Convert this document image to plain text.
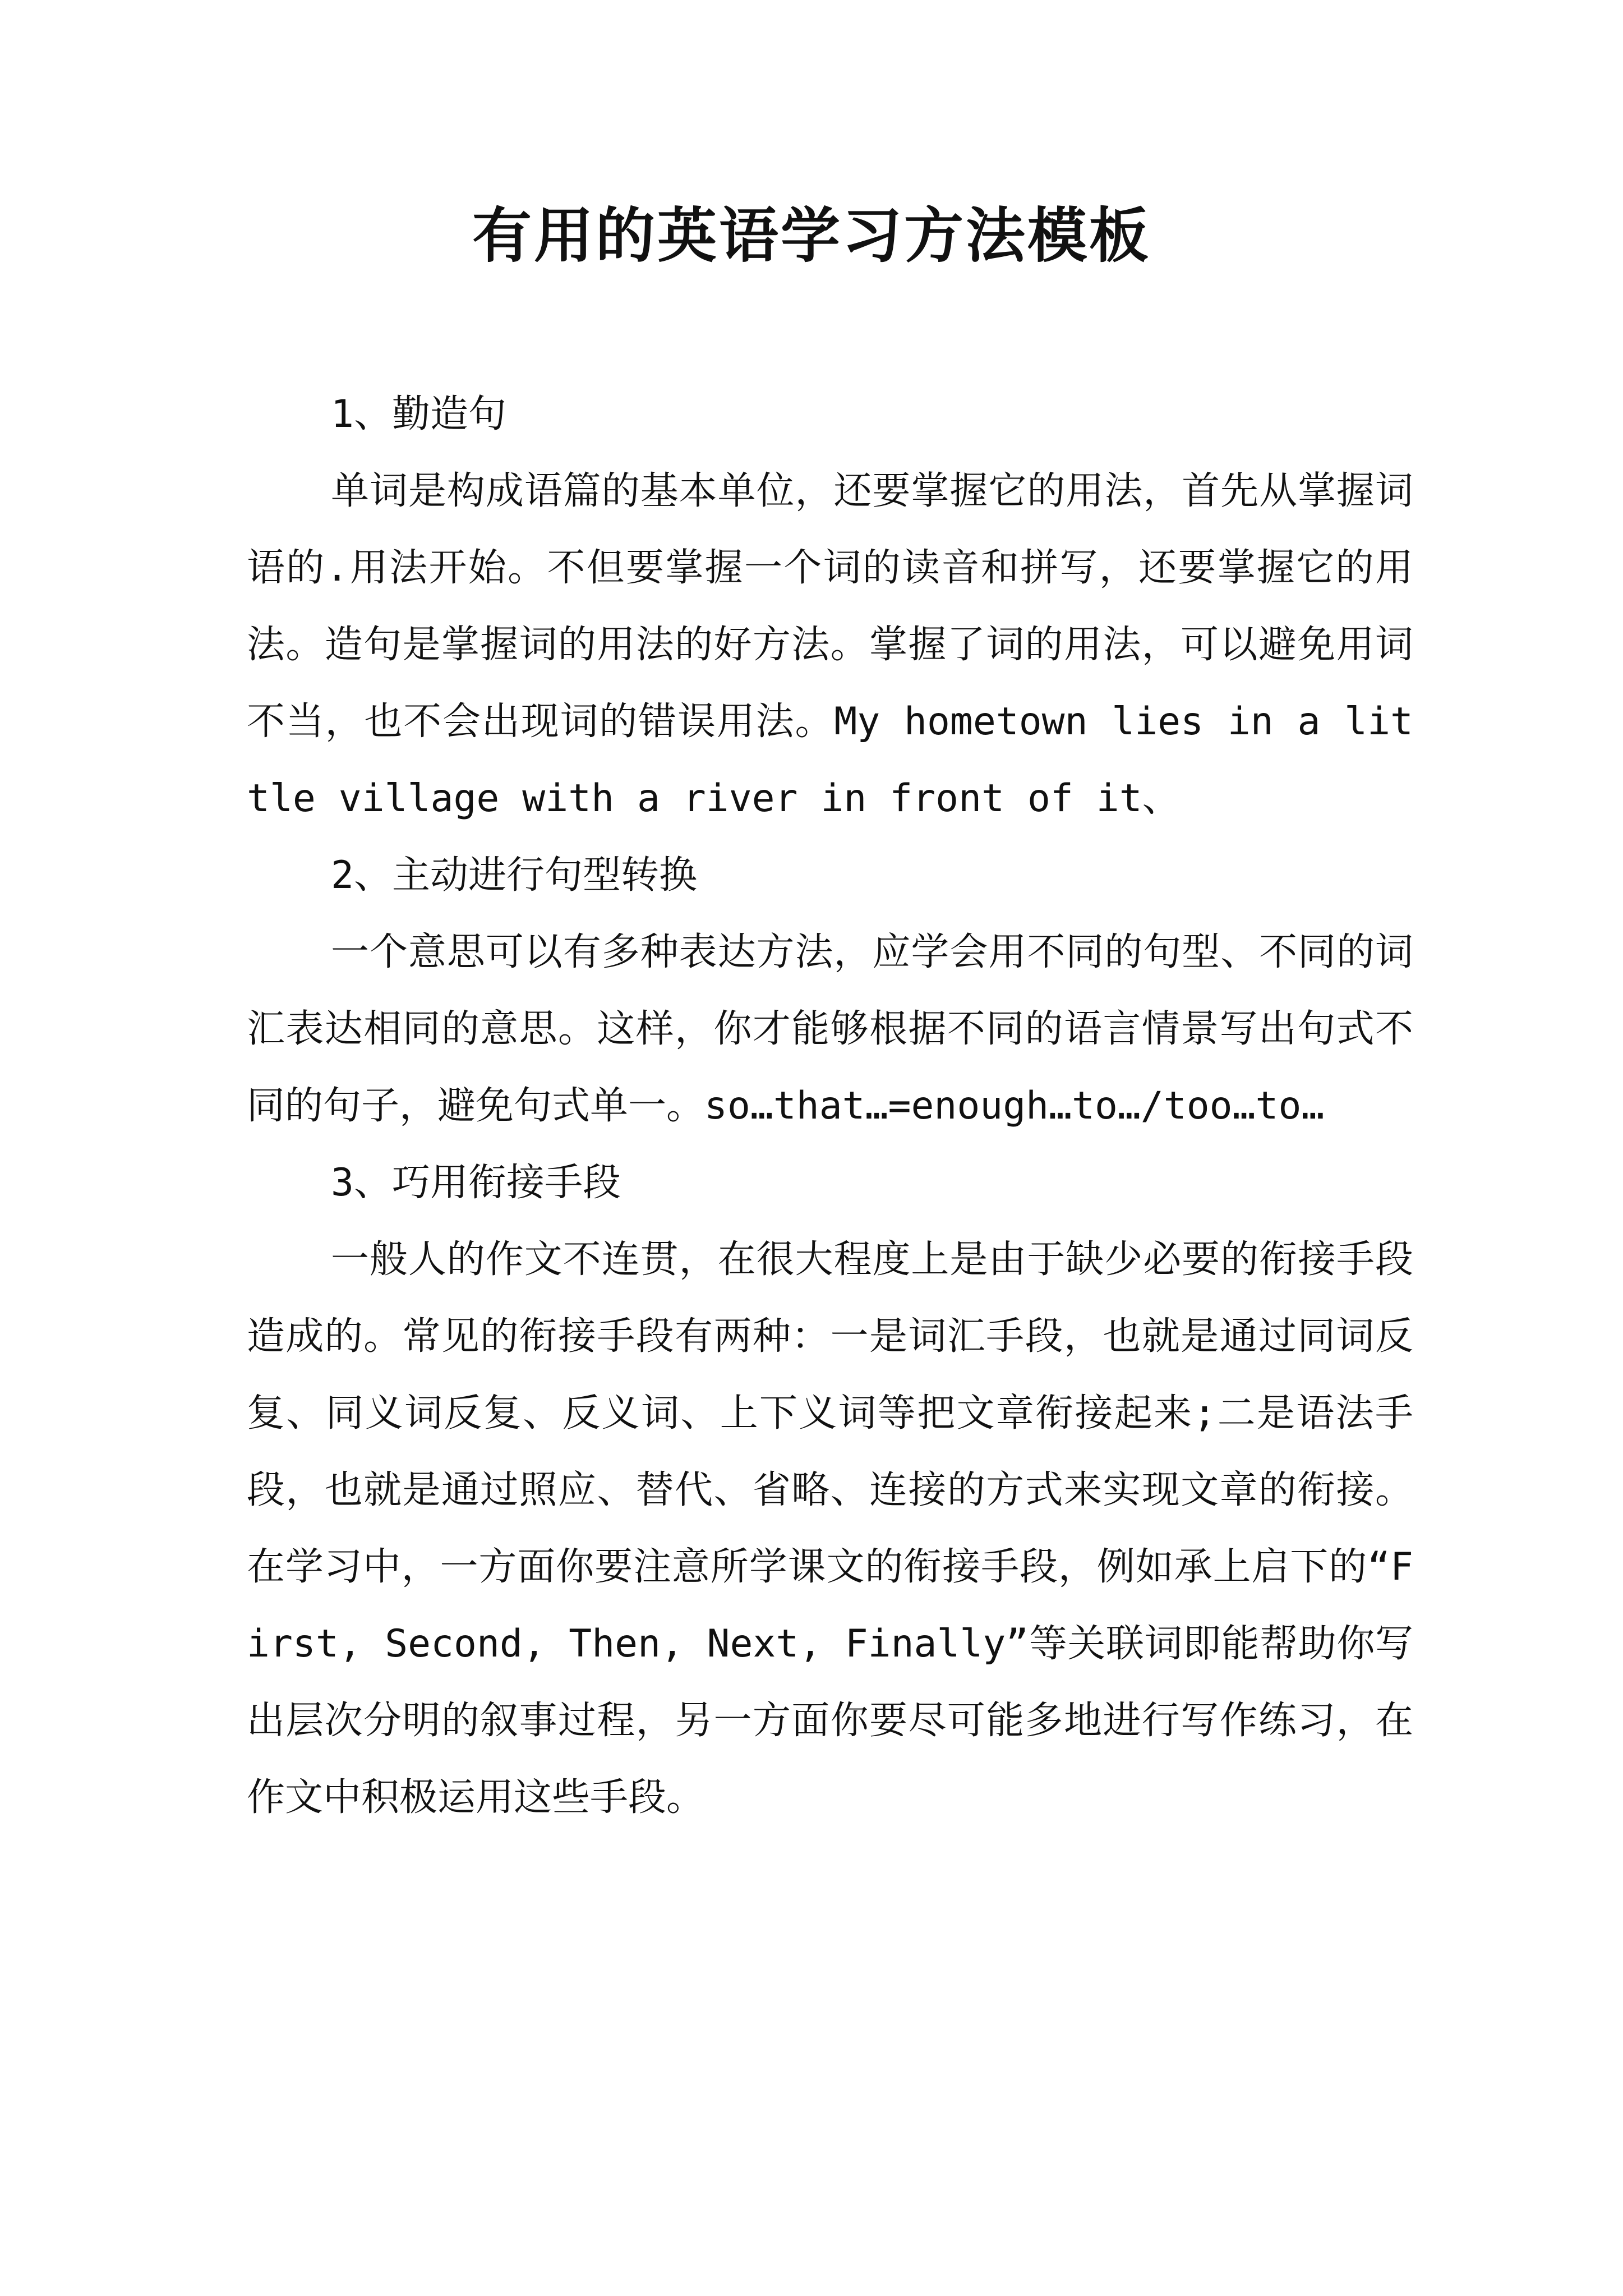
有用的英语学习方法模板

1、勤造句

单词是构成语篇的基本单位，还要掌握它的用法，首先从掌握词语的.用法开始。不但要掌握一个词的读音和拼写，还要掌握它的用法。造句是掌握词的用法的好方法。掌握了词的用法，可以避免用词不当，也不会出现词的错误用法。My hometown lies in a little village with a river in front of it、

2、主动进行句型转换

一个意思可以有多种表达方法，应学会用不同的句型、不同的词汇表达相同的意思。这样，你才能够根据不同的语言情景写出句式不同的句子，避免句式单一。so…that…=enough…to…/too…to…

3、巧用衔接手段

一般人的作文不连贯，在很大程度上是由于缺少必要的衔接手段造成的。常见的衔接手段有两种：一是词汇手段，也就是通过同词反复、同义词反复、反义词、上下义词等把文章衔接起来;二是语法手段，也就是通过照应、替代、省略、连接的方式来实现文章的衔接。在学习中，一方面你要注意所学课文的衔接手段，例如承上启下的“First, Second, Then, Next, Finally”等关联词即能帮助你写出层次分明的叙事过程，另一方面你要尽可能多地进行写作练习，在作文中积极运用这些手段。
